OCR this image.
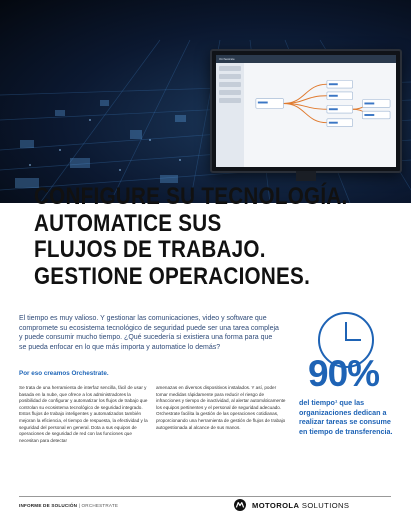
Orchestrate
CONFIGURE SU TECNOLOGÍA.
AUTOMATICE SUS
FLUJOS DE TRABAJO.
GESTIONE OPERACIONES.

El tiempo es muy valioso. Y gestionar las comunicaciones, video y software que compromete su ecosistema tecnológico de seguridad puede ser una tarea compleja y puede consumir mucho tiempo. ¿Qué sucedería si existiera una forma para que se pueda enfocar en lo que más importa y automatice lo demás?

Por eso creamos Orchestrate.

Se trata de una herramienta de interfaz sencilla, fácil de usar y basada en la nube, que ofrece a los administradores la posibilidad de configurar y automatizar los flujos de trabajo que controlan su ecosistema tecnológico de seguridad integrado. Estos flujos de trabajo inteligentes y automatizados también mejoran la eficiencia, el tiempo de respuesta, la efectividad y la seguridad del personal en general. Dota a sus equipos de operaciones de seguridad de red con las funciones que necesitan para detectar

amenazas en diversos dispositivos instalados. Y así, poder tomar medidas rápidamente para reducir el riesgo de infracciones y tiempo de inactividad, al alertar automáticamente los equipos pertinentes y el personal de seguridad adecuado. Orchestrate facilita la gestión de las operaciones cotidianas, proporcionando una herramienta de gestión de flujos de trabajo autogestionada al alcance de sus manos.

90%

del tiempo¹ que las organizaciones dedican a realizar tareas se consume en tiempo de transferencia.

INFORME DE SOLUCIÓN | ORCHESTRATE	MOTOROLA SOLUTIONS
